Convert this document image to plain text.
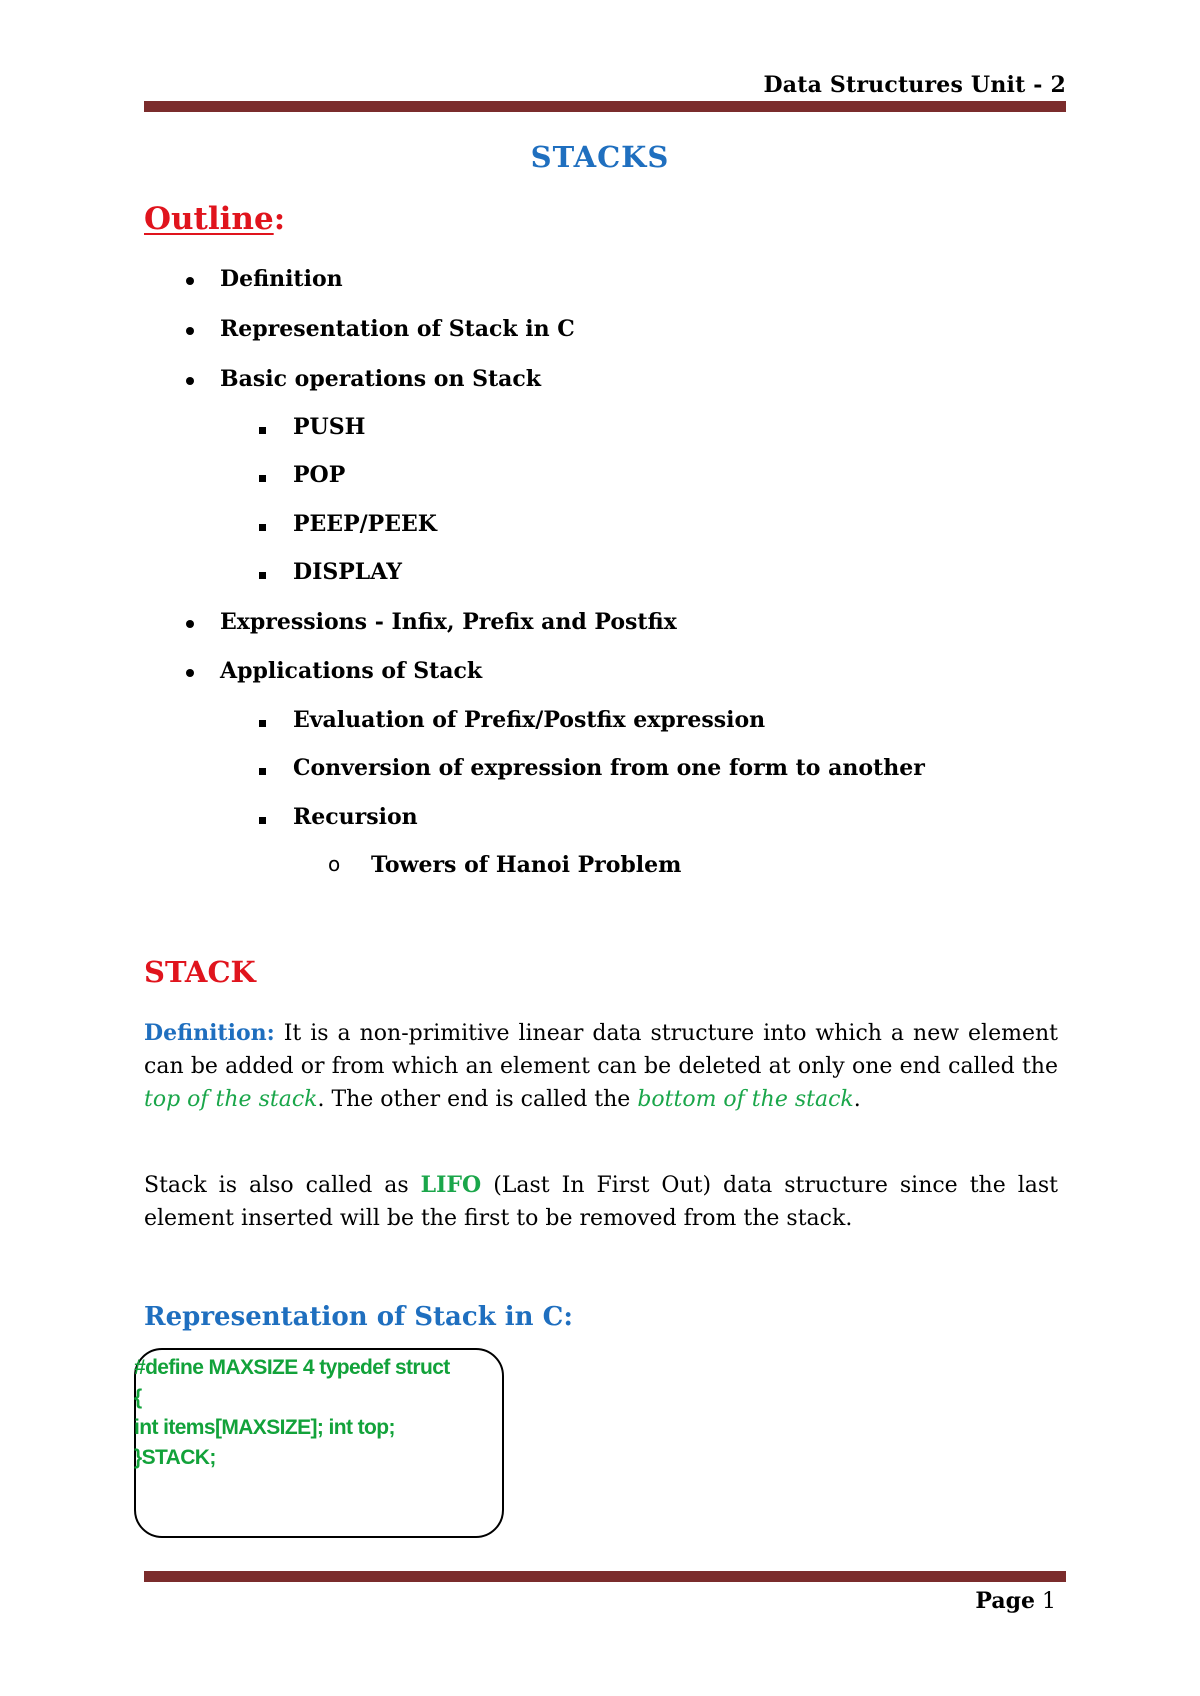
Data Structures Unit - 2
STACKS
Outline:
Definition
Representation of Stack in C
Basic operations on Stack
PUSH
POP
PEEP/PEEK
DISPLAY
Expressions - Infix, Prefix and Postfix
Applications of Stack
Evaluation of Prefix/Postfix expression
Conversion of expression from one form to another
Recursion
o Towers of Hanoi Problem
STACK
Definition: It is a non-primitive linear data structure into which a new element can be added or from which an element can be deleted at only one end called the top of the stack. The other end is called the bottom of the stack.
Stack is also called as LIFO (Last In First Out) data structure since the last element inserted will be the first to be removed from the stack.
Representation of Stack in C:
#define MAXSIZE 4 typedef struct
{
int items[MAXSIZE]; int top;
}STACK;
Page 1
